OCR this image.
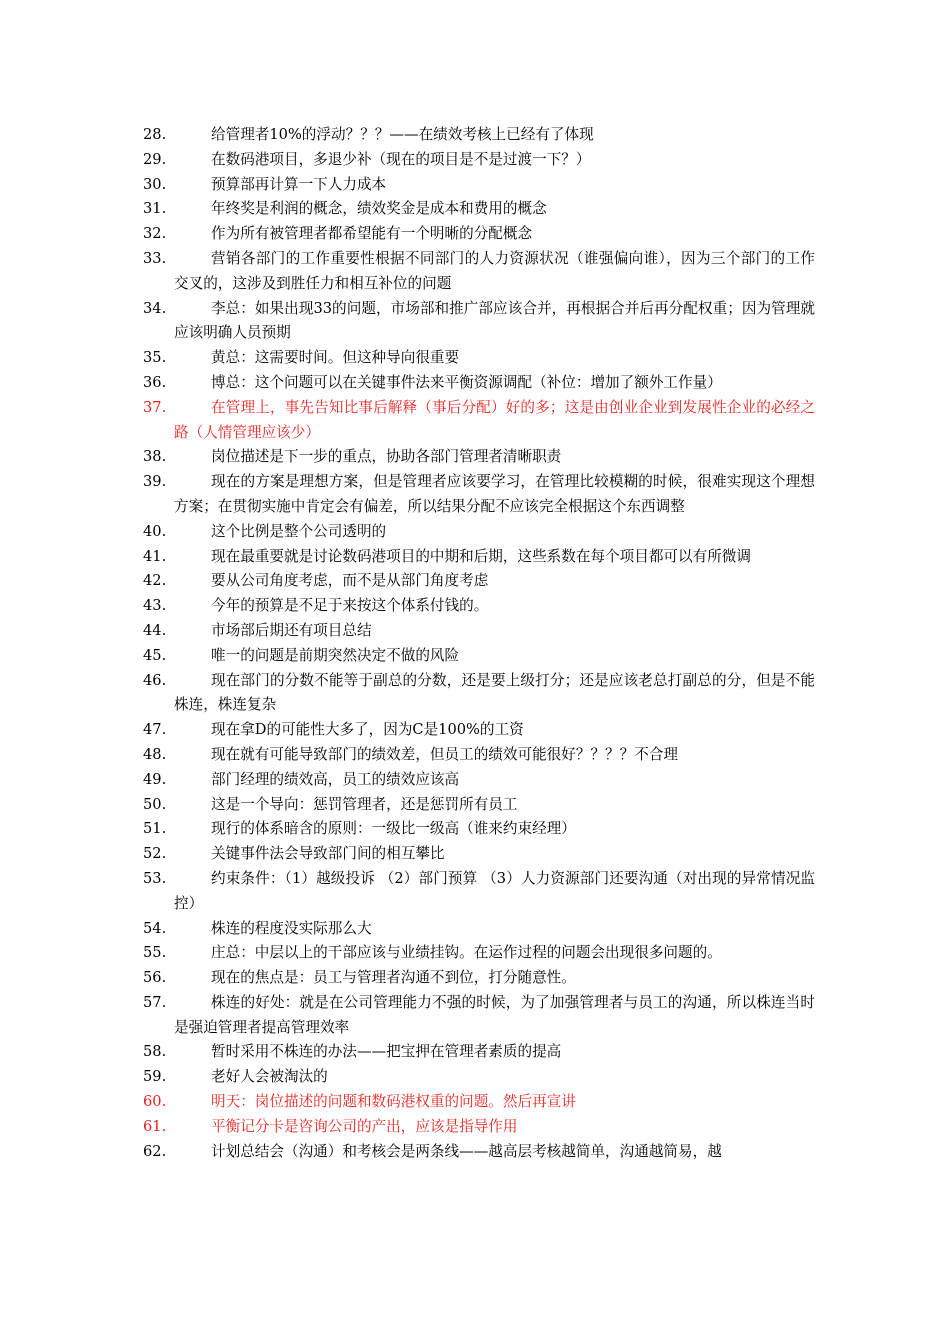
28.	给管理者10%的浮动？？？——在绩效考核上已经有了体现
29.	在数码港项目，多退少补（现在的项目是不是过渡一下？）
30.	预算部再计算一下人力成本
31.	年终奖是利润的概念，绩效奖金是成本和费用的概念
32.	作为所有被管理者都希望能有一个明晰的分配概念
33.	营销各部门的工作重要性根据不同部门的人力资源状况（谁强偏向谁），因为三个部门的工作交叉的，这涉及到胜任力和相互补位的问题
34.	李总：如果出现33的问题，市场部和推广部应该合并，再根据合并后再分配权重；因为管理就应该明确人员预期
35.	黄总：这需要时间。但这种导向很重要
36.	博总：这个问题可以在关键事件法来平衡资源调配（补位：增加了额外工作量）
37.	在管理上，事先告知比事后解释（事后分配）好的多；这是由创业企业到发展性企业的必经之路（人情管理应该少）
38.	岗位描述是下一步的重点，协助各部门管理者清晰职责
39.	现在的方案是理想方案，但是管理者应该要学习，在管理比较模糊的时候，很难实现这个理想方案；在贯彻实施中肯定会有偏差，所以结果分配不应该完全根据这个东西调整
40.	这个比例是整个公司透明的
41.	现在最重要就是讨论数码港项目的中期和后期，这些系数在每个项目都可以有所微调
42.	要从公司角度考虑，而不是从部门角度考虑
43.	今年的预算是不足于来按这个体系付钱的。
44.	市场部后期还有项目总结
45.	唯一的问题是前期突然决定不做的风险
46.	现在部门的分数不能等于副总的分数，还是要上级打分；还是应该老总打副总的分，但是不能株连，株连复杂
47.	现在拿D的可能性大多了，因为C是100%的工资
48.	现在就有可能导致部门的绩效差，但员工的绩效可能很好？？？？不合理
49.	部门经理的绩效高，员工的绩效应该高
50.	这是一个导向：惩罚管理者，还是惩罚所有员工
51.	现行的体系暗含的原则：一级比一级高（谁来约束经理）
52.	关键事件法会导致部门间的相互攀比
53.	约束条件：（1）越级投诉 （2）部门预算 （3）人力资源部门还要沟通（对出现的异常情况监控）
54.	株连的程度没实际那么大
55.	庄总：中层以上的干部应该与业绩挂钩。在运作过程的问题会出现很多问题的。
56.	现在的焦点是：员工与管理者沟通不到位，打分随意性。
57.	株连的好处：就是在公司管理能力不强的时候，为了加强管理者与员工的沟通，所以株连当时是强迫管理者提高管理效率
58.	暂时采用不株连的办法——把宝押在管理者素质的提高
59.	老好人会被淘汰的
60.	明天：岗位描述的问题和数码港权重的问题。然后再宣讲
61.	平衡记分卡是咨询公司的产出，应该是指导作用
62.	计划总结会（沟通）和考核会是两条线——越高层考核越简单，沟通越简易，越
